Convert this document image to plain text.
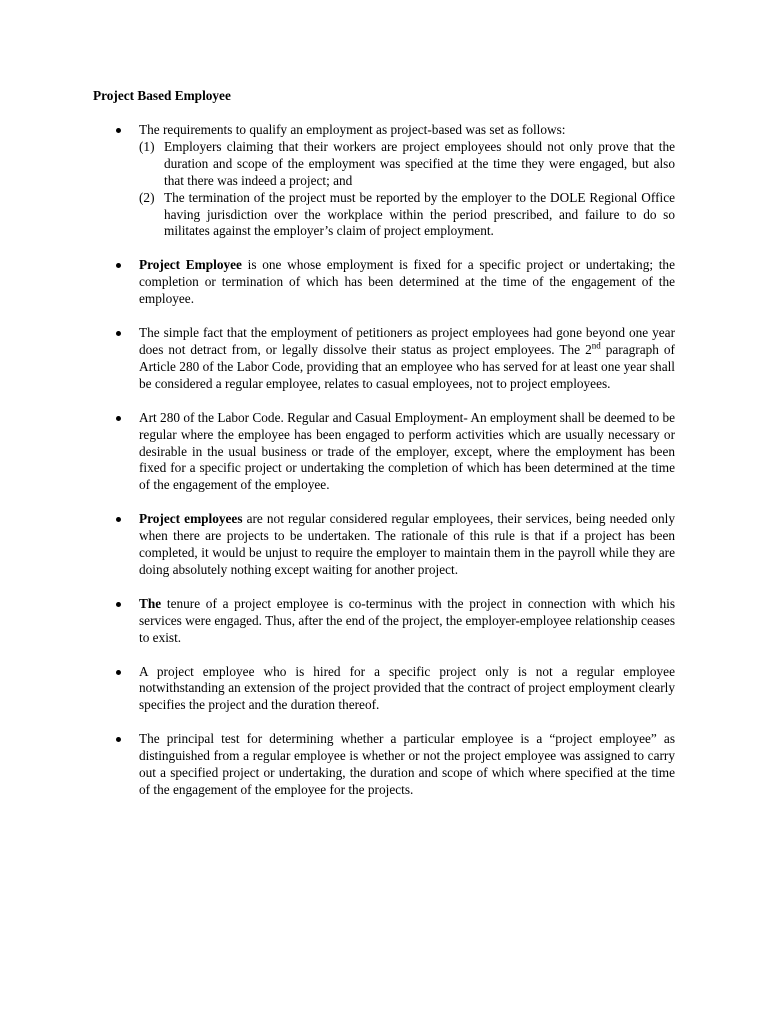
Project Based Employee

The requirements to qualify an employment as project-based was set as follows:

(1) Employers claiming that their workers are project employees should not only prove that the duration and scope of the employment was specified at the time they were engaged, but also that there was indeed a project; and
(2) The termination of the project must be reported by the employer to the DOLE Regional Office having jurisdiction over the workplace within the period prescribed, and failure to do so militates against the employer’s claim of project employment.

Project Employee is one whose employment is fixed for a specific project or undertaking; the completion or termination of which has been determined at the time of the engagement of the employee.

The simple fact that the employment of petitioners as project employees had gone beyond one year does not detract from, or legally dissolve their status as project employees. The 2nd paragraph of Article 280 of the Labor Code, providing that an employee who has served for at least one year shall be considered a regular employee, relates to casual employees, not to project employees.

Art 280 of the Labor Code. Regular and Casual Employment- An employment shall be deemed to be regular where the employee has been engaged to perform activities which are usually necessary or desirable in the usual business or trade of the employer, except, where the employment has been fixed for a specific project or undertaking the completion of which has been determined at the time of the engagement of the employee.

Project employees are not regular considered regular employees, their services, being needed only when there are projects to be undertaken. The rationale of this rule is that if a project has been completed, it would be unjust to require the employer to maintain them in the payroll while they are doing absolutely nothing except waiting for another project.

The tenure of a project employee is co-terminus with the project in connection with which his services were engaged. Thus, after the end of the project, the employer-employee relationship ceases to exist.

A project employee who is hired for a specific project only is not a regular employee notwithstanding an extension of the project provided that the contract of project employment clearly specifies the project and the duration thereof.

The principal test for determining whether a particular employee is a “project employee” as distinguished from a regular employee is whether or not the project employee was assigned to carry out a specified project or undertaking, the duration and scope of which where specified at the time of the engagement of the employee for the projects.
